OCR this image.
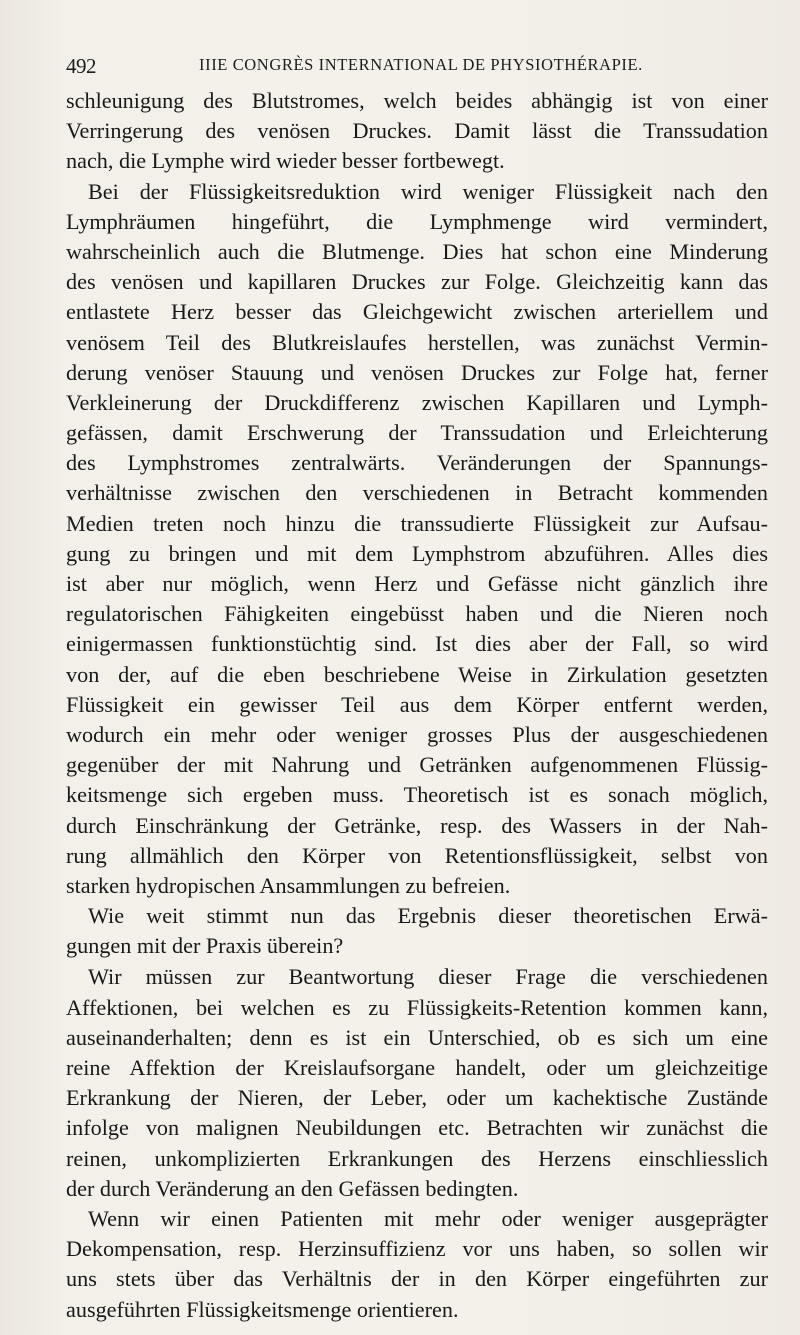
492	IIIE CONGRÈS INTERNATIONAL DE PHYSIOTHÉRAPIE.
schleunigung des Blutstromes, welch beides abhängig ist von einer
Verringerung des venösen Druckes. Damit lässt die Transsudation
nach, die Lymphe wird wieder besser fortbewegt.
Bei der Flüssigkeitsreduktion wird weniger Flüssigkeit nach den
Lymphräumen hingeführt, die Lymphmenge wird vermindert,
wahrscheinlich auch die Blutmenge. Dies hat schon eine Minderung
des venösen und kapillaren Druckes zur Folge. Gleichzeitig kann das
entlastete Herz besser das Gleichgewicht zwischen arteriellem und
venösem Teil des Blutkreislaufes herstellen, was zunächst Vermin-
derung venöser Stauung und venösen Druckes zur Folge hat, ferner
Verkleinerung der Druckdifferenz zwischen Kapillaren und Lymph-
gefässen, damit Erschwerung der Transsudation und Erleichterung
des Lymphstromes zentralwärts. Veränderungen der Spannungs-
verhältnisse zwischen den verschiedenen in Betracht kommenden
Medien treten noch hinzu die transsudierte Flüssigkeit zur Aufsau-
gung zu bringen und mit dem Lymphstrom abzuführen. Alles dies
ist aber nur möglich, wenn Herz und Gefässe nicht gänzlich ihre
regulatorischen Fähigkeiten eingebüsst haben und die Nieren noch
einigermassen funktionstüchtig sind. Ist dies aber der Fall, so wird
von der, auf die eben beschriebene Weise in Zirkulation gesetzten
Flüssigkeit ein gewisser Teil aus dem Körper entfernt werden,
wodurch ein mehr oder weniger grosses Plus der ausgeschiedenen
gegenüber der mit Nahrung und Getränken aufgenommenen Flüssig-
keitsmenge sich ergeben muss. Theoretisch ist es sonach möglich,
durch Einschränkung der Getränke, resp. des Wassers in der Nah-
rung allmählich den Körper von Retentionsflüssigkeit, selbst von
starken hydropischen Ansammlungen zu befreien.
Wie weit stimmt nun das Ergebnis dieser theoretischen Erwä-
gungen mit der Praxis überein?
Wir müssen zur Beantwortung dieser Frage die verschiedenen
Affektionen, bei welchen es zu Flüssigkeits-Retention kommen kann,
auseinanderhalten; denn es ist ein Unterschied, ob es sich um eine
reine Affektion der Kreislaufsorgane handelt, oder um gleichzeitige
Erkrankung der Nieren, der Leber, oder um kachektische Zustände
infolge von malignen Neubildungen etc. Betrachten wir zunächst die
reinen, unkomplizierten Erkrankungen des Herzens einschliesslich
der durch Veränderung an den Gefässen bedingten.
Wenn wir einen Patienten mit mehr oder weniger ausgeprägter
Dekompensation, resp. Herzinsuffizienz vor uns haben, so sollen wir
uns stets über das Verhältnis der in den Körper eingeführten zur
ausgeführten Flüssigkeitsmenge orientieren.
